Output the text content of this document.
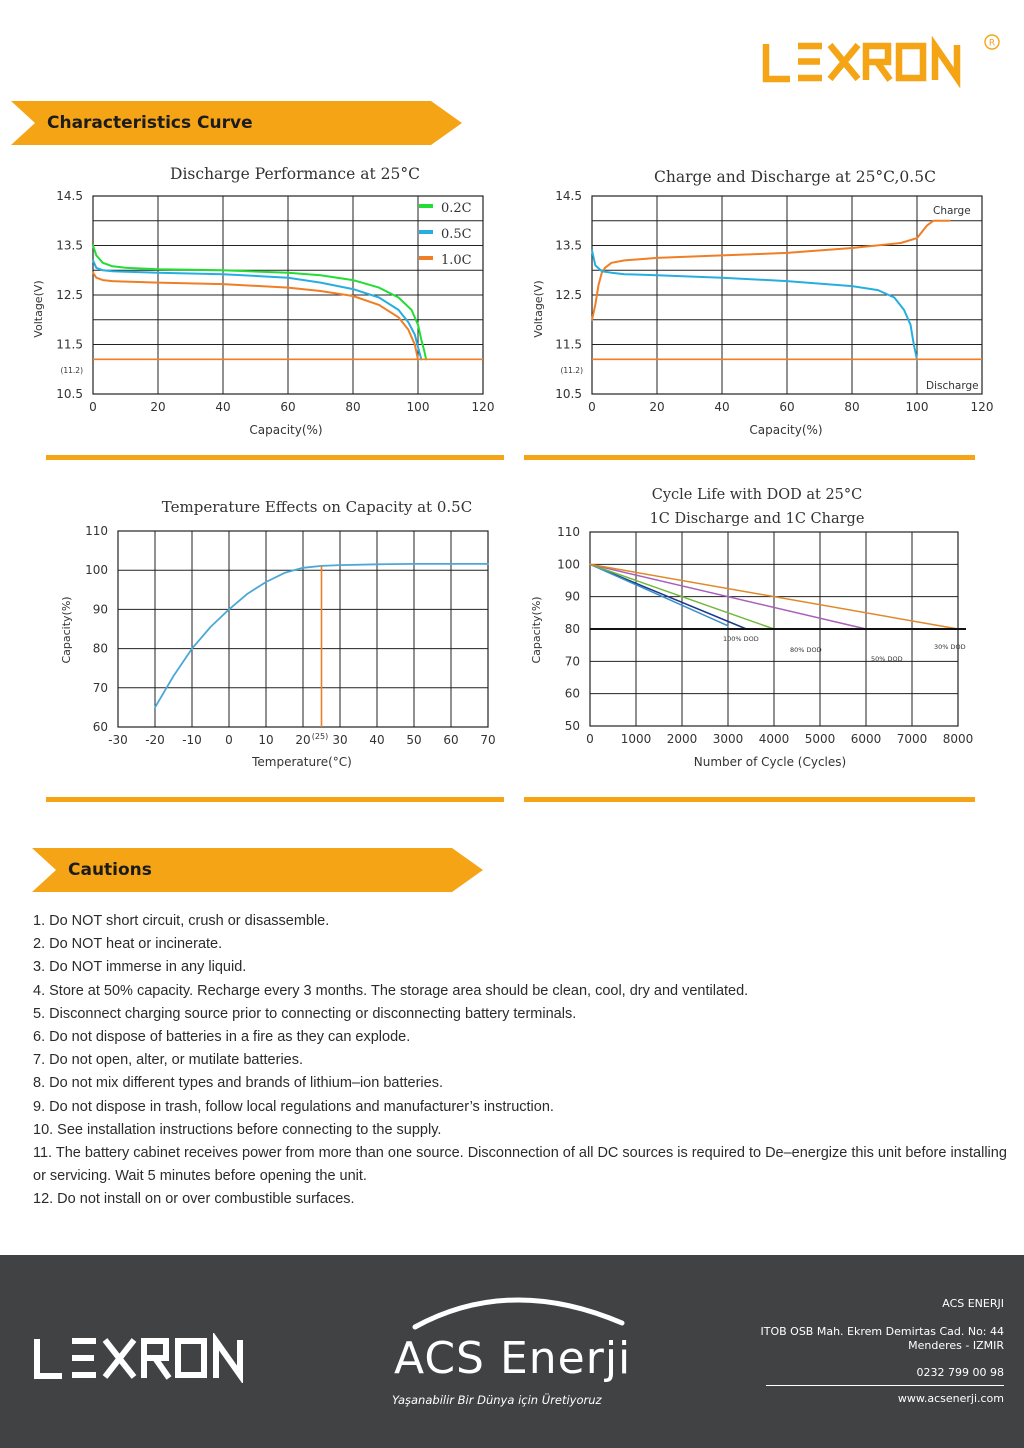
R
Characteristics Curve
Discharge Performance at 25°C
Voltage(V)
Capacity(%)
0	20	40	60	80	100	120
14.5
13.5
12.5
11.5
10.5
(11.2)
0.2C
0.5C
1.0C
Charge and Discharge at 25°C,0.5C
Voltage(V)
Capacity(%)
0	20	40	60	80	100	120
14.5
13.5
12.5
11.5
10.5
(11.2)
Charge
Discharge
Temperature Effects on Capacity at 0.5C
Capacity(%)
Temperature(°C)
-30 -20 -10 0 10 20 30 40 50 60 70
110
100
90
80
70
60
(25)
Cycle Life with DOD at 25°C
1C Discharge and 1C Charge
Capacity(%)
Number of Cycle (Cycles)
0 1000 2000 3000 4000 5000 6000 7000 8000
110
100
90
80
70
60
50
100% DOD
80% DOD
50% DOD
30% DOD
Cautions
1. Do NOT short circuit, crush or disassemble.
2. Do NOT heat or incinerate.
3. Do NOT immerse in any liquid.
4. Store at 50% capacity. Recharge every 3 months. The storage area should be clean, cool, dry and ventilated.
5. Disconnect charging source prior to connecting or disconnecting battery terminals.
6. Do not dispose of batteries in a fire as they can explode.
7. Do not open, alter, or mutilate batteries.
8. Do not mix different types and brands of lithium–ion batteries.
9. Do not dispose in trash, follow local regulations and manufacturer’s instruction.
10. See installation instructions before connecting to the supply.
11. The battery cabinet receives power from more than one source. Disconnection of all DC sources is required to De–energize this unit before installing or servicing. Wait 5 minutes before opening the unit.
12. Do not install on or over combustible surfaces.
ACS Enerji
Yaşanabilir Bir Dünya için Üretiyoruz
ACS ENERJI
ITOB OSB Mah. Ekrem Demirtas Cad. No: 44
Menderes - IZMIR
0232 799 00 98
www.acsenerji.com
